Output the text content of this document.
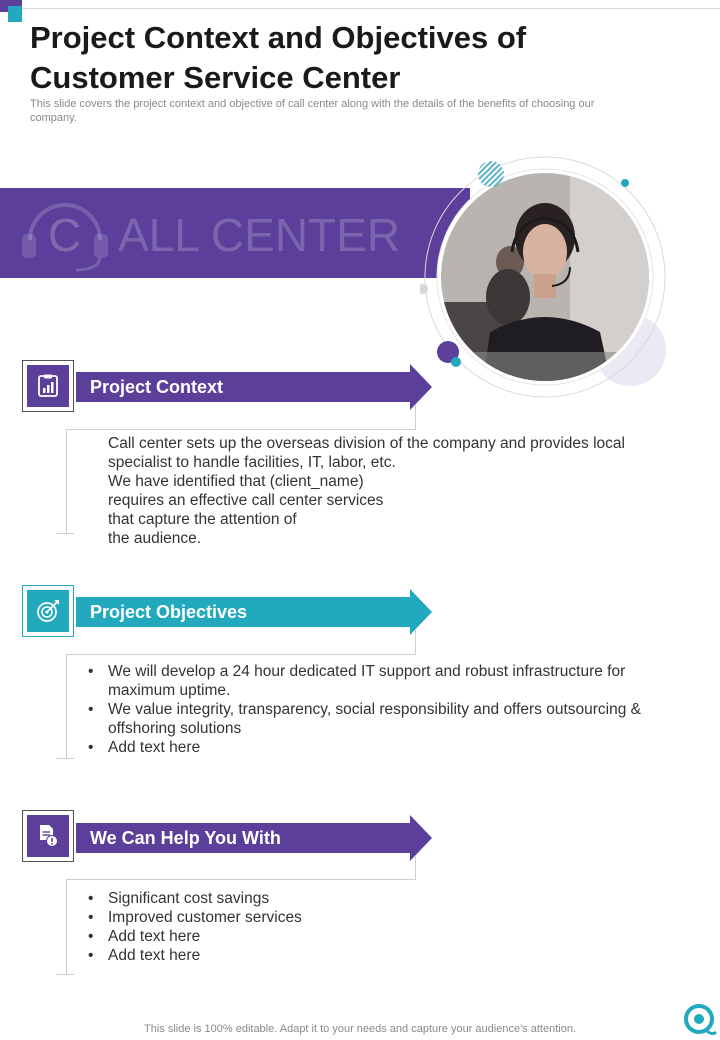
Project Context and Objectives of Customer Service Center
This slide covers the project context and objective of call center along with the details of the benefits of choosing our company.
C ALL CENTER
Project Context

Call center sets up the overseas division of the company and provides local specialist to handle facilities, IT, labor, etc.

We have identified that (client_name) requires an effective call center services that capture the attention of

the audience.

Project Objectives
• We will develop a 24 hour dedicated IT support and robust infrastructure for maximum uptime.
• We value integrity, transparency, social responsibility and offers outsourcing & offshoring solutions
• Add text here
We Can Help You With
• Significant cost savings
• Improved customer services
• Add text here
• Add text here
This slide is 100% editable. Adapt it to your needs and capture your audience's attention.
